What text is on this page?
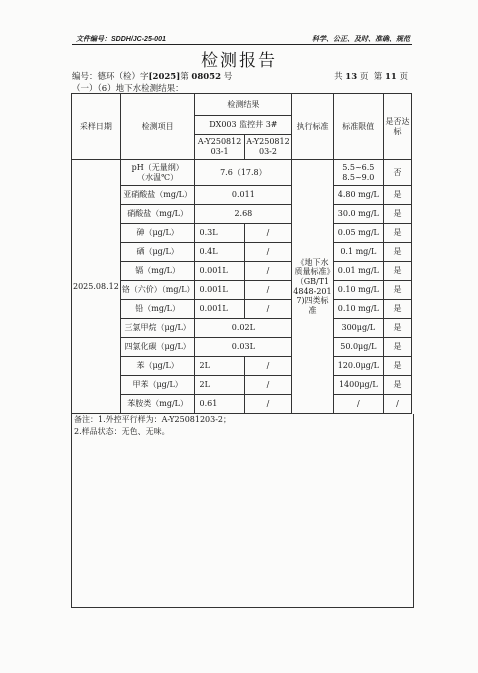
文件编号：SDDH/JC-25-001	科学、公正、及时、准确、规范
检测报告
编号：德环（检）字[2025]第 08052 号	共 13 页 第 11 页
（一）（6）地下水检测结果：
采样日期	检测项目	检测结果		执行标准	标准限值	是否达标
		DX003 监控井 3#				
		A-Y25081203-1	A-Y25081203-2			
2025.08.12	pH（无量纲）（水温℃）	7.6（17.8）		《地下水质量标准》（GB/T14848-2017)四类标准	5.5~6.5 8.5~9.0	否
	亚硝酸盐（mg/L）	0.011			4.80 mg/L	是
	硝酸盐（mg/L）	2.68			30.0 mg/L	是
	砷（μg/L）	0.3L	/		0.05 mg/L	是
	硒（μg/L）	0.4L	/		0.1 mg/L	是
	镉（mg/L）	0.001L	/		0.01 mg/L	是
	铬（六价）（mg/L）	0.001L	/		0.10 mg/L	是
	铅（mg/L）	0.001L	/		0.10 mg/L	是
	三氯甲烷（μg/L）	0.02L			300μg/L	是
	四氯化碳（μg/L）	0.03L			50.0μg/L	是
	苯（μg/L）	2L	/		120.0μg/L	是
	甲苯（μg/L）	2L	/		1400μg/L	是
	苯胺类（mg/L）	0.61	/		/	/
备注：1.外控平行样为：A-Y25081203-2；
2.样品状态：无色、无味。
